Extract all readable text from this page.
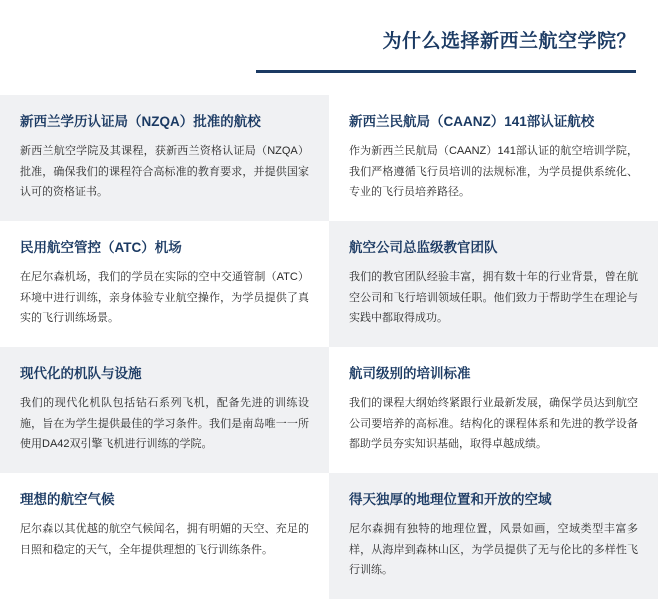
为什么选择新西兰航空学院？
新西兰学历认证局（NZQA）批准的航校
新西兰航空学院及其课程，获新西兰资格认证局（NZQA）批准，确保我们的课程符合高标准的教育要求，并提供国家认可的资格证书。
新西兰民航局（CAANZ）141部认证航校
作为新西兰民航局（CAANZ）141部认证的航空培训学院，我们严格遵循飞行员培训的法规标准，为学员提供系统化、专业的飞行员培养路径。
民用航空管控（ATC）机场
在尼尔森机场，我们的学员在实际的空中交通管制（ATC）环境中进行训练，亲身体验专业航空操作，为学员提供了真实的飞行训练场景。
航空公司总监级教官团队
我们的教官团队经验丰富，拥有数十年的行业背景，曾在航空公司和飞行培训领域任职。他们致力于帮助学生在理论与实践中都取得成功。
现代化的机队与设施
我们的现代化机队包括钻石系列飞机，配备先进的训练设施，旨在为学生提供最佳的学习条件。我们是南岛唯一一所使用DA42双引擎飞机进行训练的学院。
航司级别的培训标准
我们的课程大纲始终紧跟行业最新发展，确保学员达到航空公司要培养的高标准。结构化的课程体系和先进的教学设备都助学员夯实知识基础，取得卓越成绩。
理想的航空气候
尼尔森以其优越的航空气候闻名，拥有明媚的天空、充足的日照和稳定的天气，全年提供理想的飞行训练条件。
得天独厚的地理位置和开放的空域
尼尔森拥有独特的地理位置，风景如画，空域类型丰富多样，从海岸到森林山区，为学员提供了无与伦比的多样性飞行训练。
